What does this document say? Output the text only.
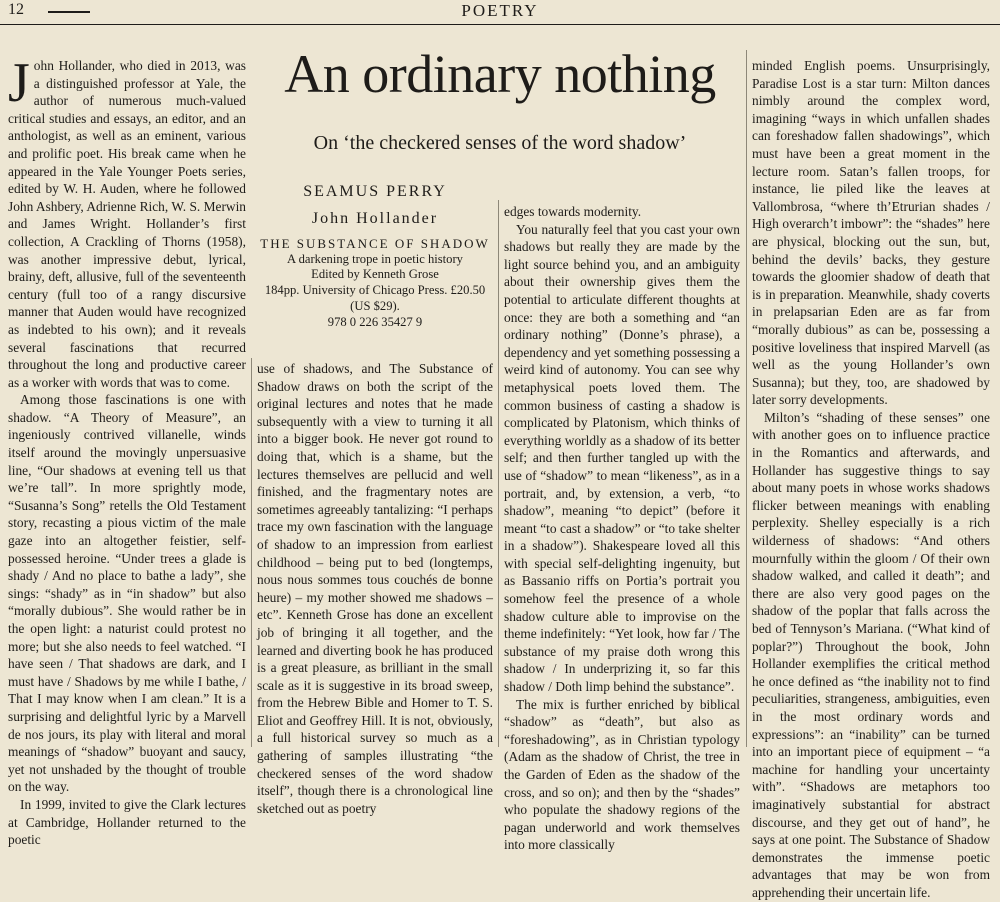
12	POETRY
An ordinary nothing
On ‘the checkered senses of the word shadow’
SEAMUS PERRY
John Hollander
THE SUBSTANCE OF SHADOW
A darkening trope in poetic history
Edited by Kenneth Grose
184pp. University of Chicago Press. £20.50
(US $29).
978 0 226 35427 9

John Hollander, who died in 2013, was a distinguished professor at Yale, the author of numerous much-valued critical studies and essays, an editor, and an anthologist, as well as an eminent, various and prolific poet. His break came when he appeared in the Yale Younger Poets series, edited by W. H. Auden, where he followed John Ashbery, Adrienne Rich, W. S. Merwin and James Wright. Hollander’s first collection, A Crackling of Thorns (1958), was another impressive debut, lyrical, brainy, deft, allusive, full of the seventeenth century (full too of a rangy discursive manner that Auden would have recognized as indebted to his own); and it reveals several fascinations that recurred throughout the long and productive career as a worker with words that was to come.

Among those fascinations is one with shadow. “A Theory of Measure”, an ingeniously contrived villanelle, winds itself around the movingly unpersuasive line, “Our shadows at evening tell us that we’re tall”. In more sprightly mode, “Susanna’s Song” retells the Old Testament story, recasting a pious victim of the male gaze into an altogether feistier, self-possessed heroine. “Under trees a glade is shady / And no place to bathe a lady”, she sings: “shady” as in “in shadow” but also “morally dubious”. She would rather be in the open light: a naturist could protest no more; but she also needs to feel watched. “I have seen / That shadows are dark, and I must have / Shadows by me while I bathe, / That I may know when I am clean.” It is a surprising and delightful lyric by a Marvell de nos jours, its play with literal and moral meanings of “shadow” buoyant and saucy, yet not unshaded by the thought of trouble on the way.

In 1999, invited to give the Clark lectures at Cambridge, Hollander returned to the poetic

use of shadows, and The Substance of Shadow draws on both the script of the original lectures and notes that he made subsequently with a view to turning it all into a bigger book. He never got round to doing that, which is a shame, but the lectures themselves are pellucid and well finished, and the fragmentary notes are sometimes agreeably tantalizing: “I perhaps trace my own fascination with the language of shadow to an impression from earliest childhood – being put to bed (longtemps, nous nous sommes tous couchés de bonne heure) – my mother showed me shadows – etc”. Kenneth Grose has done an excellent job of bringing it all together, and the learned and diverting book he has produced is a great pleasure, as brilliant in the small scale as it is suggestive in its broad sweep, from the Hebrew Bible and Homer to T. S. Eliot and Geoffrey Hill. It is not, obviously, a full historical survey so much as a gathering of samples illustrating “the checkered senses of the word shadow itself”, though there is a chronological line sketched out as poetry

edges towards modernity.

You naturally feel that you cast your own shadows but really they are made by the light source behind you, and an ambiguity about their ownership gives them the potential to articulate different thoughts at once: they are both a something and “an ordinary nothing” (Donne’s phrase), a dependency and yet something possessing a weird kind of autonomy. You can see why metaphysical poets loved them. The common business of casting a shadow is complicated by Platonism, which thinks of everything worldly as a shadow of its better self; and then further tangled up with the use of “shadow” to mean “likeness”, as in a portrait, and, by extension, a verb, “to shadow”, meaning “to depict” (before it meant “to cast a shadow” or “to take shelter in a shadow”). Shakespeare loved all this with special self-delighting ingenuity, but as Bassanio riffs on Portia’s portrait you somehow feel the presence of a whole shadow culture able to improvise on the theme indefinitely: “Yet look, how far / The substance of my praise doth wrong this shadow / In underprizing it, so far this shadow / Doth limp behind the substance”.

The mix is further enriched by biblical “shadow” as “death”, but also as “foreshadowing”, as in Christian typology (Adam as the shadow of Christ, the tree in the Garden of Eden as the shadow of the cross, and so on); and then by the “shades” who populate the shadowy regions of the pagan underworld and work themselves into more classically

minded English poems. Unsurprisingly, Paradise Lost is a star turn: Milton dances nimbly around the complex word, imagining “ways in which unfallen shades can foreshadow fallen shadowings”, which must have been a great moment in the lecture room. Satan’s fallen troops, for instance, lie piled like the leaves at Vallombrosa, “where th’Etrurian shades / High overarch’t imbowr”: the “shades” here are physical, blocking out the sun, but, behind the devils’ backs, they gesture towards the gloomier shadow of death that is in preparation. Meanwhile, shady coverts in prelapsarian Eden are as far from “morally dubious” as can be, possessing a positive loveliness that inspired Marvell (as well as the young Hollander’s own Susanna); but they, too, are shadowed by later sorry developments.

Milton’s “shading of these senses” one with another goes on to influence practice in the Romantics and afterwards, and Hollander has suggestive things to say about many poets in whose works shadows flicker between meanings with enabling perplexity. Shelley especially is a rich wilderness of shadows: “And others mournfully within the gloom / Of their own shadow walked, and called it death”; and there are also very good pages on the shadow of the poplar that falls across the bed of Tennyson’s Mariana. (“What kind of poplar?”) Throughout the book, John Hollander exemplifies the critical method he once defined as “the inability not to find peculiarities, strangeness, ambiguities, even in the most ordinary words and expressions”: an “inability” can be turned into an important piece of equipment – “a machine for handling your uncertainty with”. “Shadows are metaphors too imaginatively substantial for abstract discourse, and they get out of hand”, he says at one point. The Substance of Shadow demonstrates the immense poetic advantages that may be won from apprehending their uncertain life.
